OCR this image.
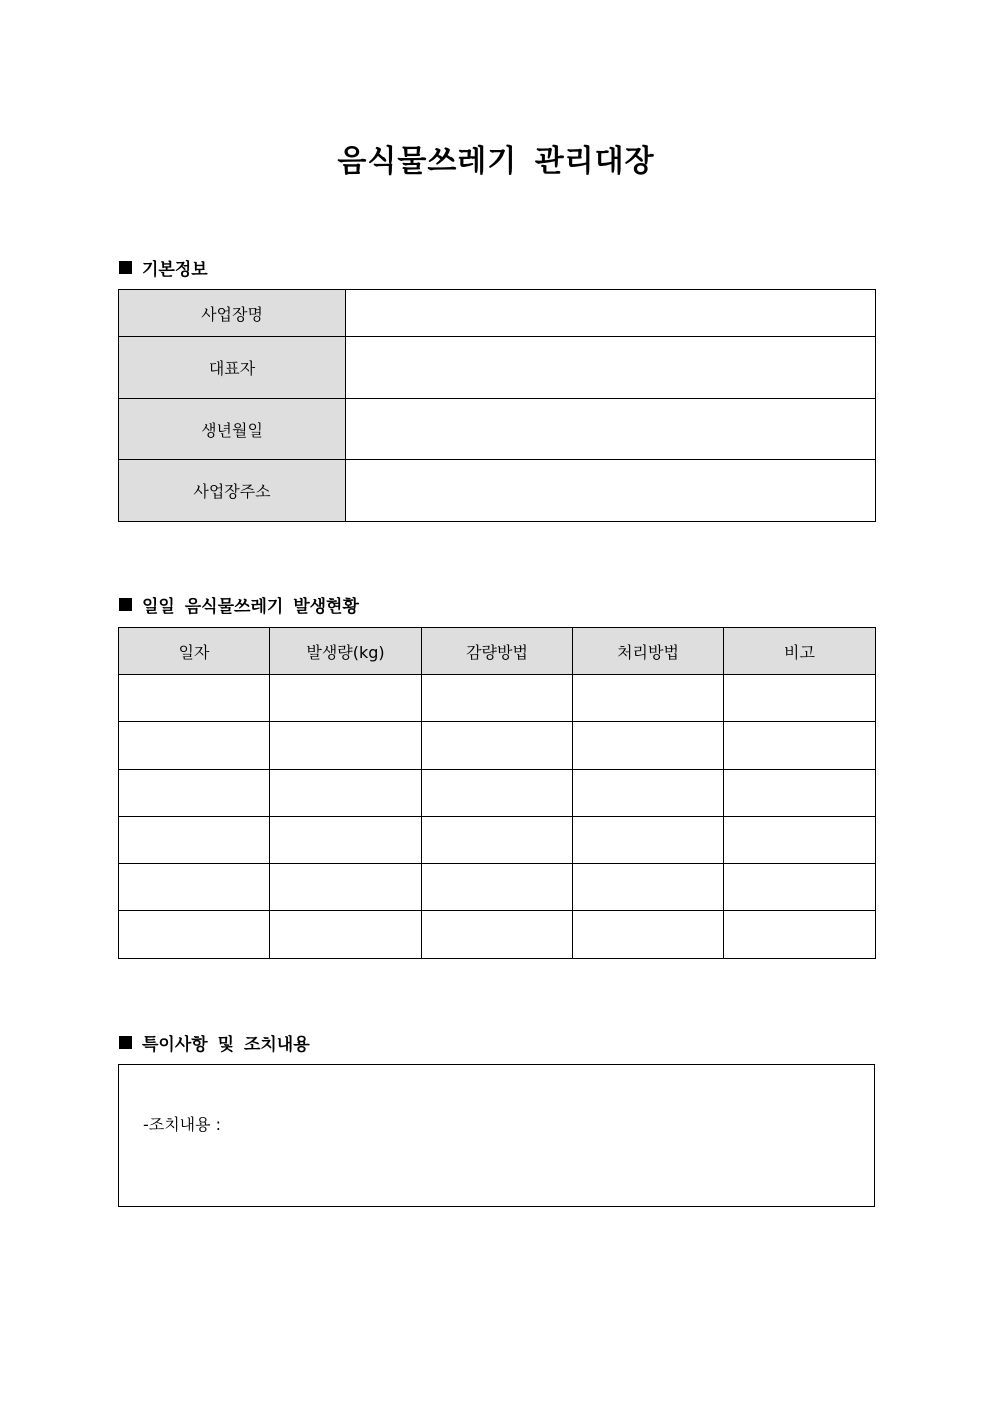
음식물쓰레기 관리대장
기본정보
사업장명	
대표자	
생년월일	
사업장주소	
일일 음식물쓰레기 발생현황
일자	발생량(kg)	감량방법	처리방법	비고

특이사항 및 조치내용
-조치내용 :
